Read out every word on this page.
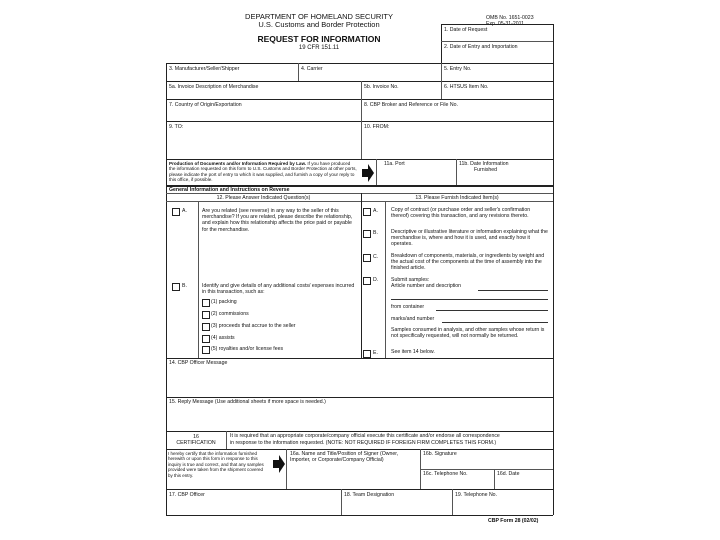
OMB No. 1651-0023
Exp. 05-31-2011
DEPARTMENT OF HOMELAND SECURITY
U.S. Customs and Border Protection
REQUEST FOR INFORMATION
19 CFR 151.11
1. Date of Request
2. Date of Entry and Importation
3. Manufacturer/Seller/Shipper	4. Carrier	5. Entry No.
5a. Invoice Description of Merchandise	5b. Invoice No.	6. HTSUS Item No.
7. Country of Origin/Exportation	8. CBP Broker and Reference or File No.
9. TO:	10. FROM:
Production of Documents and/or Information Required by Law. If you have produced the information requested on this form to U.S. Customs and Border Protection at other ports, please indicate the port of entry to which it was supplied, and furnish a copy of your reply to this office, if possible.
11a. Port	11b. Date Information
Furnished
General Information and Instructions on Reverse
12. Please Answer Indicated Question(s)	13. Please Furnish Indicated Item(s)
A.	Are you related (see reverse) in any way to the seller of this merchandise? If you are related, please describe the relationship, and explain how this relationship affects the price paid or payable for the merchandise.
B.	Identify and give details of any additional costs/ expenses incurred in this transaction, such as:
(1) packing
(2) commissions
(3) proceeds that accrue to the seller
(4) assists
(5) royalties and/or license fees
A.	Copy of contract (or purchase order and seller's confirmation thereof) covering this transaction, and any revisions thereto.
B.	Descriptive or illustrative literature or information explaining what the merchandise is, where and how it is used, and exactly how it operates.
C. Breakdown of components, materials, or ingredients by weight and the actual cost of the components at the time of assembly into the finished article.
D. Submit samples:
Article number and description
from container
marks/and number
Samples consumed in analysis, and other samples whose return is not specifically requested, will not normally be returned.
E.	See item 14 below.
14. CBP Officer Message
15. Reply Message (Use additional sheets if more space is needed.)
16
CERTIFICATION
It is required that an appropriate corporate/company official execute this certificate and/or endorse all correspondence
in response to the information requested. (NOTE: NOT REQUIRED IF FOREIGN FIRM COMPLETES THIS FORM.)
I hereby certify that the information furnished herewith or upon this form in response to this inquiry is true and correct, and that any samples provided were taken from the shipment covered by this entry.
16a. Name and Title/Position of Signer (Owner, Importer, or Corporate/Company Official)
16b. Signature
16c. Telephone No.	16d. Date
17. CBP Officer	18. Team Designation	19. Telephone No.
CBP Form 28 (02/02)
